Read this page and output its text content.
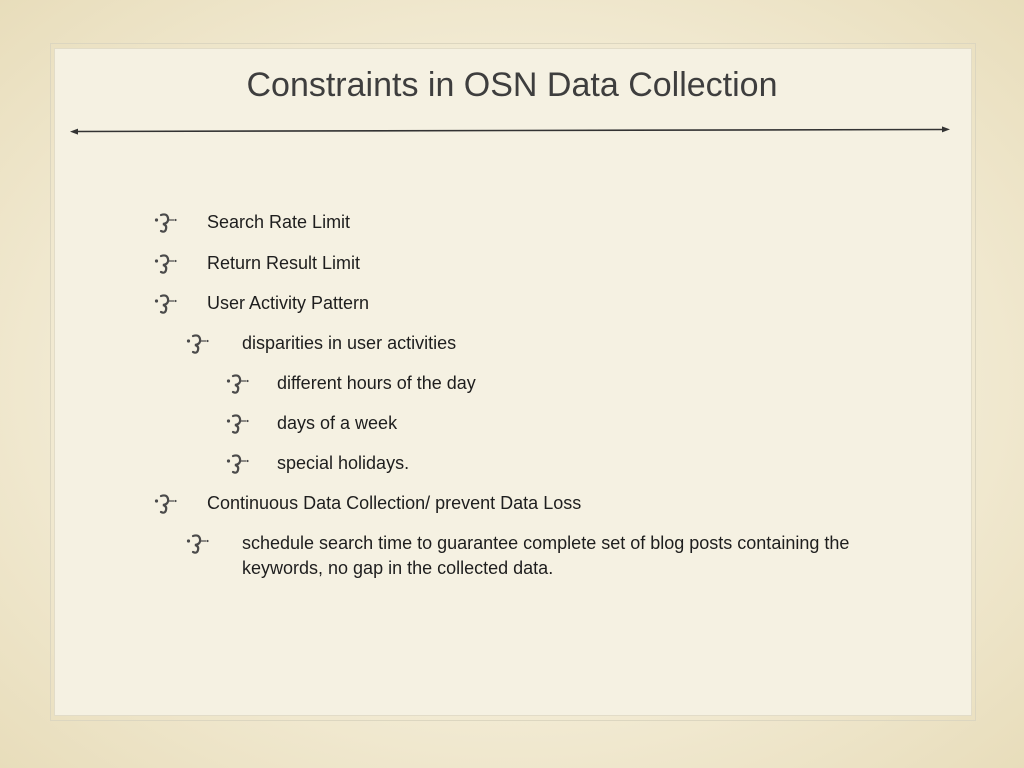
Constraints in OSN Data Collection
Search Rate Limit
Return Result Limit
User Activity Pattern
disparities in user activities
different hours of the day
days of a week
special holidays.
Continuous Data Collection/ prevent Data Loss
schedule search time to guarantee complete set of blog posts containing the keywords, no gap in the collected data.
